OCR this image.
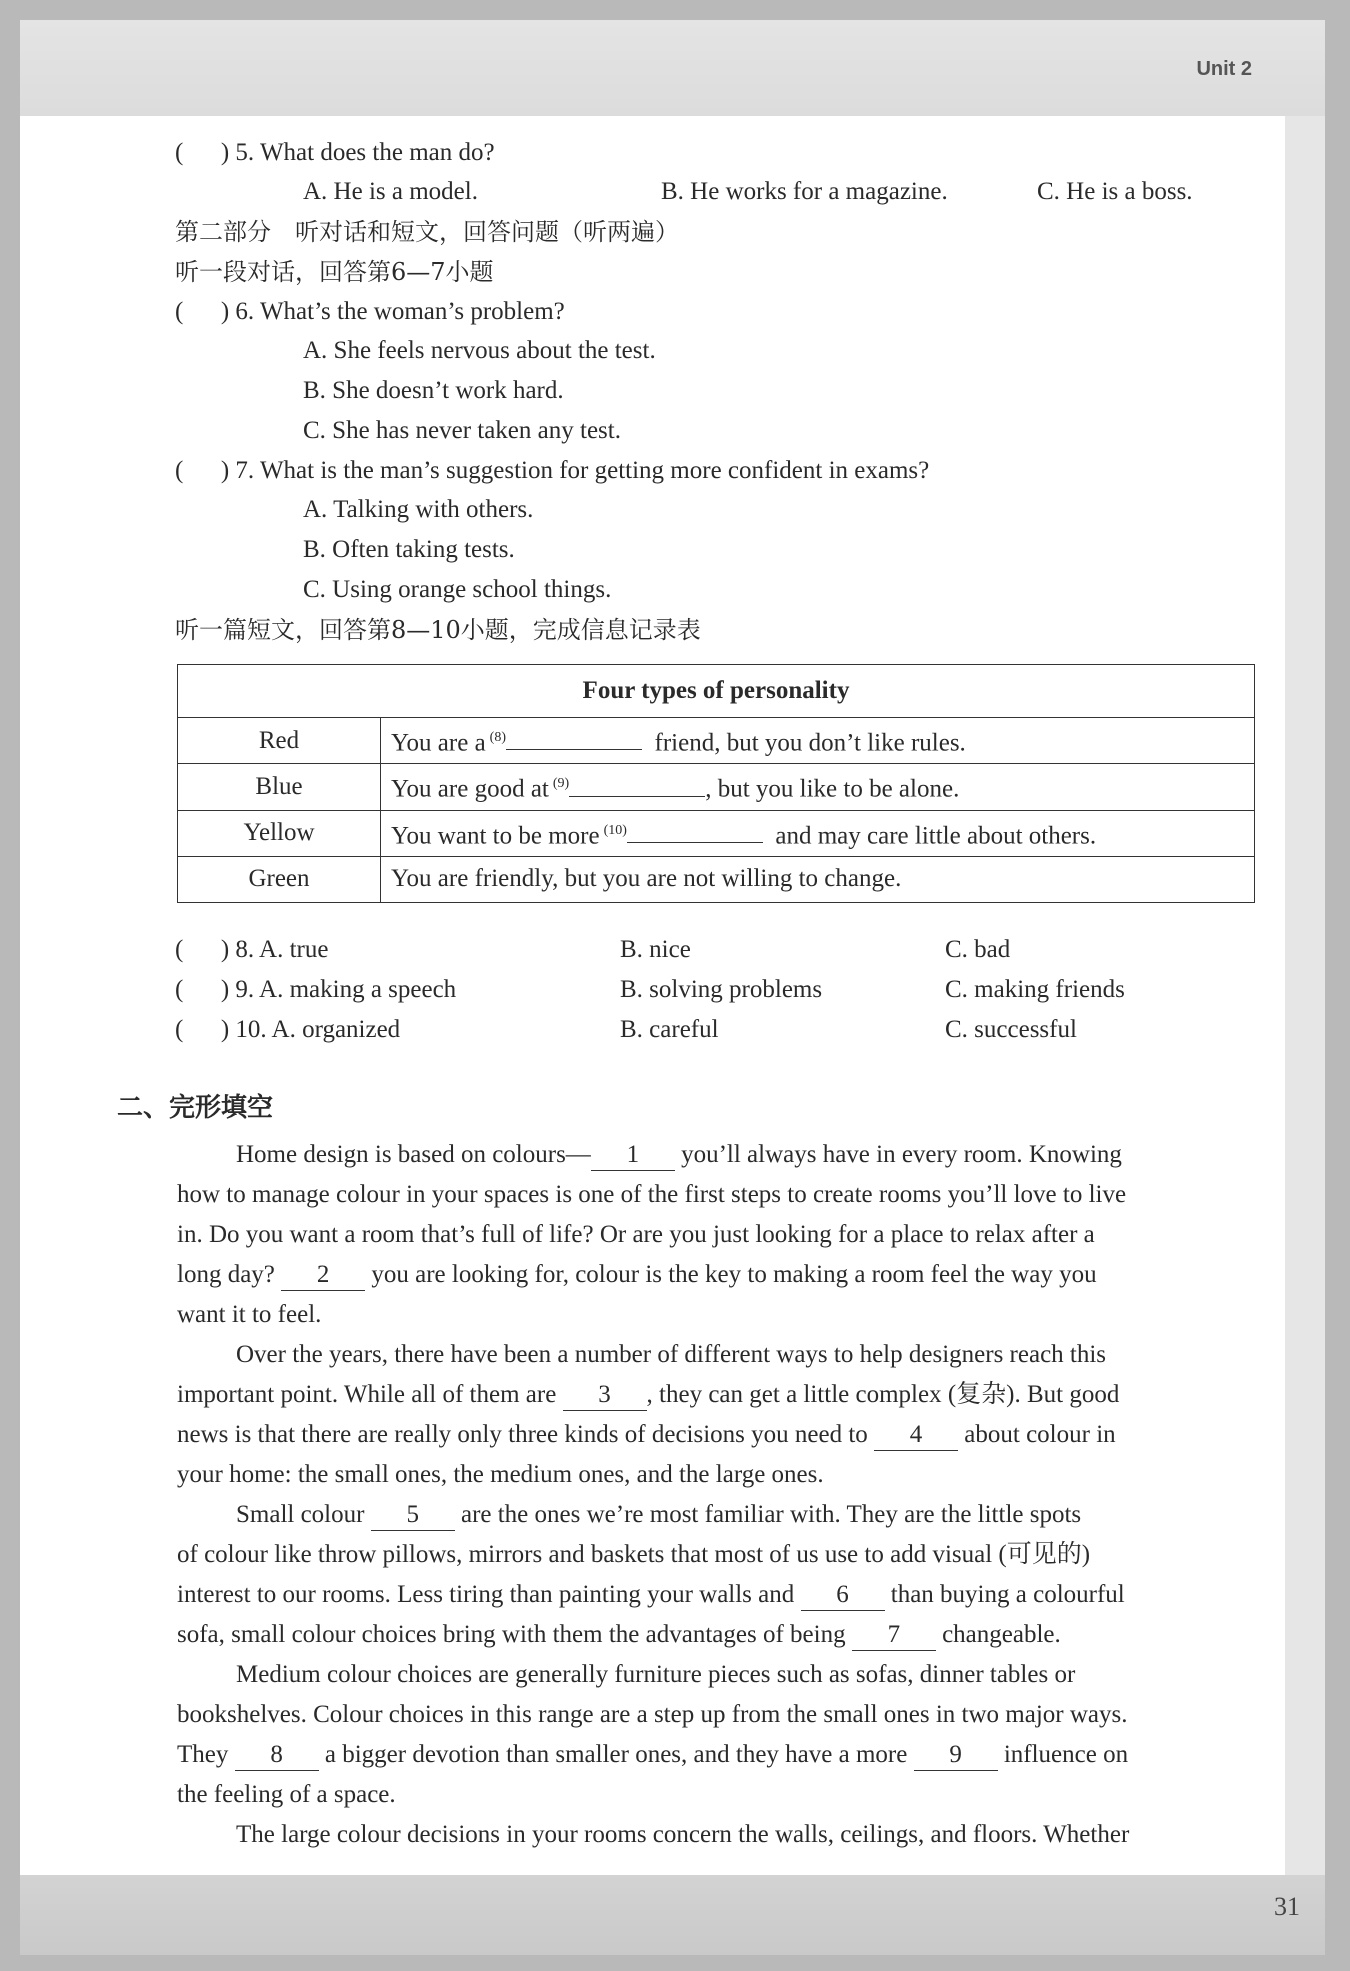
Unit 2
31
(      ) 5. What does the man do?
A. He is a model.	B. He works for a magazine.	C. He is a boss.
第二部分　听对话和短文，回答问题（听两遍）
听一段对话，回答第6—7小题
(      ) 6. What’s the woman’s problem?
A. She feels nervous about the test.
B. She doesn’t work hard.
C. She has never taken any test.
(      ) 7. What is the man’s suggestion for getting more confident in exams?
A. Talking with others.
B. Often taking tests.
C. Using orange school things.
听一篇短文，回答第8—10小题，完成信息记录表
Four types of personality	
Red	You are a $^{(8)}$ friend, but you don’t like rules.
Blue	You are good at $^{(9)}$ , but you like to be alone.
Yellow	You want to be more $^{(10)}$ and may care little about others.
Green	You are friendly, but you are not willing to change.
(      ) 8. A. true	B. nice	C. bad
(      ) 9. A. making a speech	B. solving problems	C. making friends
(      ) 10. A. organized	B. careful	C. successful
二、完形填空
Home design is based on colours— 1 you’ll always have in every room. Knowing
how to manage colour in your spaces is one of the first steps to create rooms you’ll love to live
in. Do you want a room that’s full of life? Or are you just looking for a place to relax after a
long day? 2 you are looking for, colour is the key to making a room feel the way you
want it to feel.
Over the years, there have been a number of different ways to help designers reach this
important point. While all of them are 3 , they can get a little complex (复杂). But good
news is that there are really only three kinds of decisions you need to 4 about colour in
your home: the small ones, the medium ones, and the large ones.
Small colour 5 are the ones we’re most familiar with. They are the little spots
of colour like throw pillows, mirrors and baskets that most of us use to add visual (可见的)
interest to our rooms. Less tiring than painting your walls and 6 than buying a colourful
sofa, small colour choices bring with them the advantages of being 7 changeable.
Medium colour choices are generally furniture pieces such as sofas, dinner tables or
bookshelves. Colour choices in this range are a step up from the small ones in two major ways.
They 8 a bigger devotion than smaller ones, and they have a more 9 influence on
the feeling of a space.
The large colour decisions in your rooms concern the walls, ceilings, and floors. Whether
